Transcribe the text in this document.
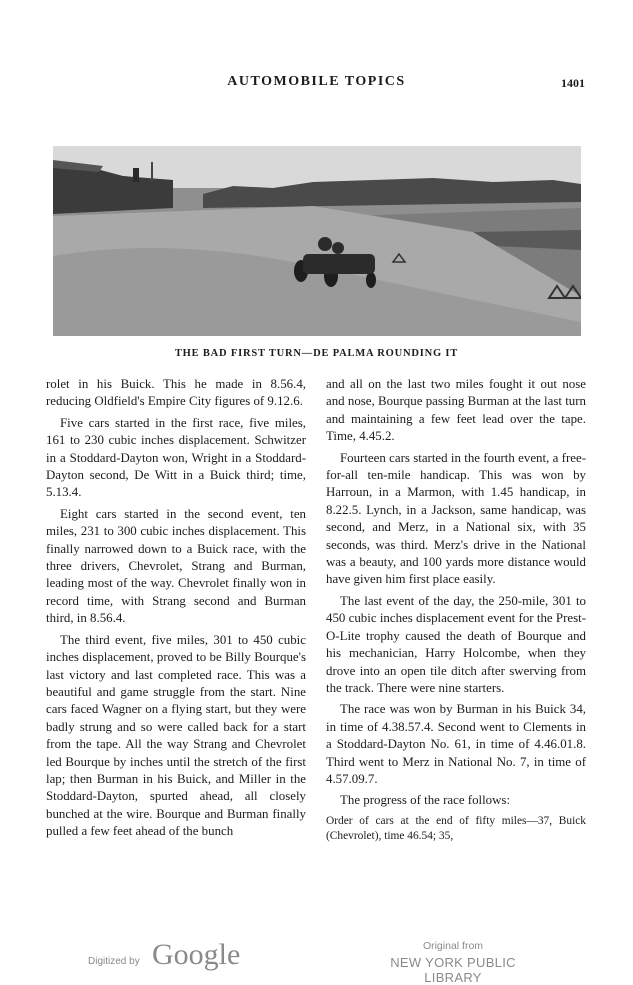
AUTOMOBILE TOPICS	1401
THE BAD FIRST TURN—DE PALMA ROUNDING IT

rolet in his Buick. This he made in 8.56.4, reducing Oldfield's Empire City figures of 9.12.6.

Five cars started in the first race, five miles, 161 to 230 cubic inches displacement. Schwitzer in a Stoddard-Dayton won, Wright in a Stoddard-Dayton second, De Witt in a Buick third; time, 5.13.4.

Eight cars started in the second event, ten miles, 231 to 300 cubic inches displacement. This finally narrowed down to a Buick race, with the three drivers, Chevrolet, Strang and Burman, leading most of the way. Chevrolet finally won in record time, with Strang second and Burman third, in 8.56.4.

The third event, five miles, 301 to 450 cubic inches displacement, proved to be Billy Bourque's last victory and last completed race. This was a beautiful and game struggle from the start. Nine cars faced Wagner on a flying start, but they were badly strung and so were called back for a start from the tape. All the way Strang and Chevrolet led Bourque by inches until the stretch of the first lap; then Burman in his Buick, and Miller in the Stoddard-Dayton, spurted ahead, all closely bunched at the wire. Bourque and Burman finally pulled a few feet ahead of the bunch

and all on the last two miles fought it out nose and nose, Bourque passing Burman at the last turn and maintaining a few feet lead over the tape. Time, 4.45.2.

Fourteen cars started in the fourth event, a free-for-all ten-mile handicap. This was won by Harroun, in a Marmon, with 1.45 handicap, in 8.22.5. Lynch, in a Jackson, same handicap, was second, and Merz, in a National six, with 35 seconds, was third. Merz's drive in the National was a beauty, and 100 yards more distance would have given him first place easily.

The last event of the day, the 250-mile, 301 to 450 cubic inches displacement event for the Prest-O-Lite trophy caused the death of Bourque and his mechanician, Harry Holcombe, when they drove into an open tile ditch after swerving from the track. There were nine starters.

The race was won by Burman in his Buick 34, in time of 4.38.57.4. Second went to Clements in a Stoddard-Dayton No. 61, in time of 4.46.01.8. Third went to Merz in National No. 7, in time of 4.57.09.7.

The progress of the race follows:

Order of cars at the end of fifty miles—37, Buick (Chevrolet), time 46.54; 35,

Digitized by Google	Original from
NEW YORK PUBLIC LIBRARY
